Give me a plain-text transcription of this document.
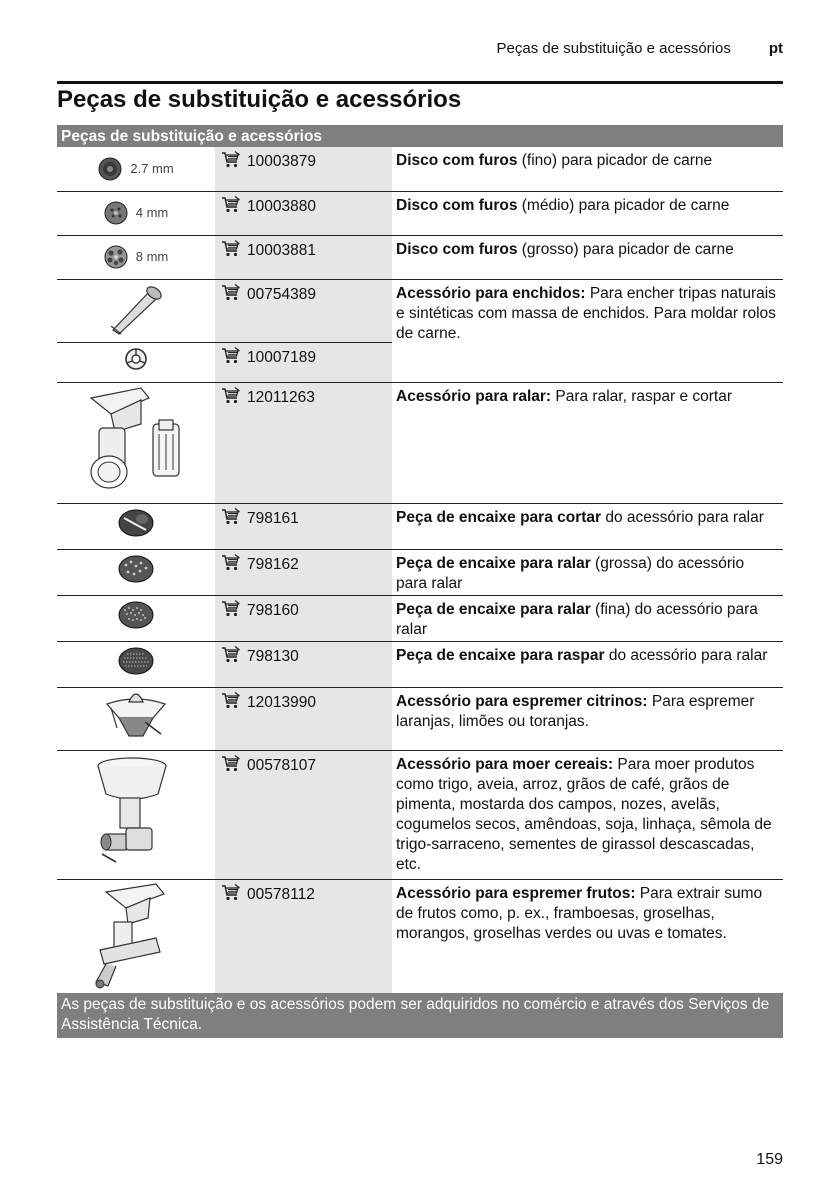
Peças de substituição e acessórios	pt
Peças de substituição e acessórios
Peças de substituição e acessórios		

2.7 mm	10003879	Disco com furos (fino) para picador de carne

4 mm	10003880	Disco com furos (médio) para picador de carne

8 mm	10003881	Disco com furos (grosso) para picador de carne
	00754389	Acessório para enchidos: Para encher tripas naturais e sintéticas com massa de enchidos. Para moldar rolos de carne.
	10007189	
	12011263	Acessório para ralar: Para ralar, raspar e cortar
	798161	Peça de encaixe para cortar do acessório para ralar
	798162	Peça de encaixe para ralar (grossa) do acessório para ralar
	798160	Peça de encaixe para ralar (fina) do acessório para ralar
	798130	Peça de encaixe para raspar do acessório para ralar
	12013990	Acessório para espremer citrinos: Para espremer laranjas, limões ou toranjas.
	00578107	Acessório para moer cereais: Para moer produtos como trigo, aveia, arroz, grãos de café, grãos de pimenta, mostarda dos campos, nozes, avelãs, cogumelos secos, amêndoas, soja, linhaça, sêmola de trigo-sarraceno, sementes de girassol descascadas, etc.
	00578112	Acessório para espremer frutos: Para extrair sumo de frutos como, p. ex., framboesas, groselhas, morangos, groselhas verdes ou uvas e tomates.
As peças de substituição e os acessórios podem ser adquiridos no comércio e através dos Serviços de Assistência Técnica.
159
